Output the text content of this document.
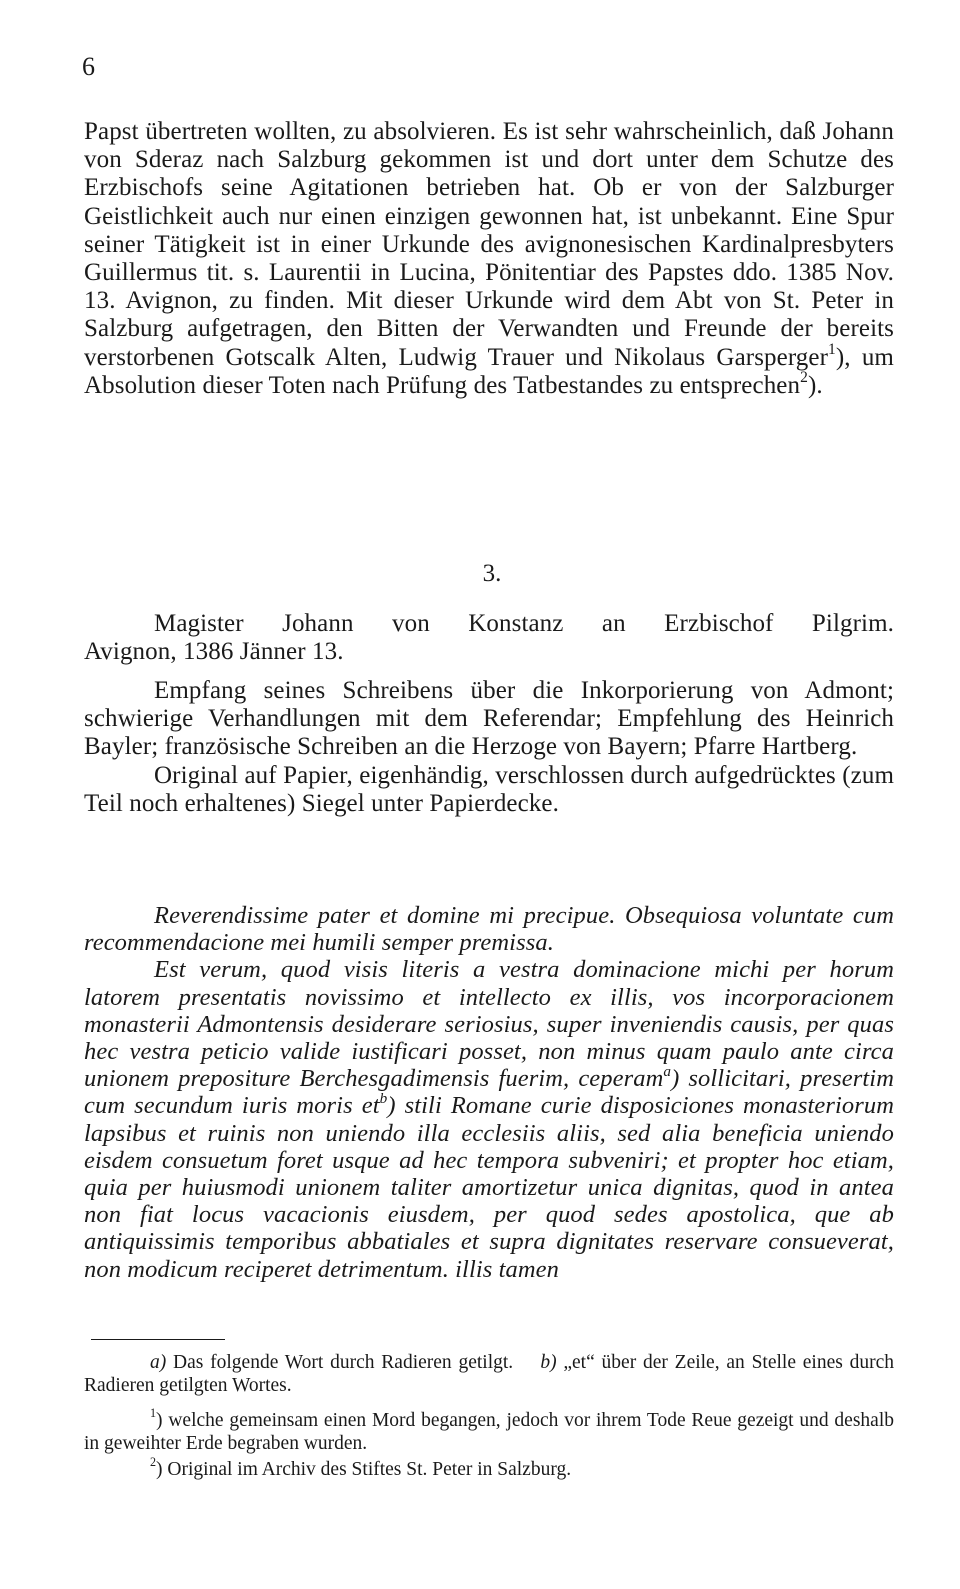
6
Papst übertreten wollten, zu absolvieren. Es ist sehr wahrscheinlich, daß Johann von Sderaz nach Salzburg gekommen ist und dort unter dem Schutze des Erzbischofs seine Agitationen betrieben hat. Ob er von der Salzburger Geistlichkeit auch nur einen einzigen gewonnen hat, ist unbekannt. Eine Spur seiner Tätigkeit ist in einer Urkunde des avignonesischen Kardinalpresbyters Guillermus tit. s. Laurentii in Lucina, Pönitentiar des Papstes ddo. 1385 Nov. 13. Avignon, zu finden. Mit dieser Urkunde wird dem Abt von St. Peter in Salzburg aufgetragen, den Bitten der Verwandten und Freunde der bereits verstorbenen Gotscalk Alten, Ludwig Trauer und Nikolaus Garsperger$^1$), um Absolution dieser Toten nach Prüfung des Tatbestandes zu entsprechen$^2$).
3.
Magister Johann von Konstanz an Erzbischof Pilgrim.
Avignon, 1386 Jänner 13.

Empfang seines Schreibens über die Inkorporierung von Admont; schwierige Verhandlungen mit dem Referendar; Empfehlung des Heinrich Bayler; französische Schreiben an die Herzoge von Bayern; Pfarre Hartberg.

Original auf Papier, eigenhändig, verschlossen durch aufgedrücktes (zum Teil noch erhaltenes) Siegel unter Papierdecke.

Reverendissime pater et domine mi precipue. Obsequiosa voluntate cum recommendacione mei humili semper premissa.

Est verum, quod visis literis a vestra dominacione michi per horum latorem presentatis novissimo et intellecto ex illis, vos incorporacionem monasterii Admontensis desiderare seriosius, super inveniendis causis, per quas hec vestra peticio valide iustificari posset, non minus quam paulo ante circa unionem prepositure Berchesgadimensis fuerim, ceperam$^a$) sollicitari, presertim cum secundum iuris moris $et^b$) stili Romane curie disposiciones monasteriorum lapsibus et ruinis non uniendo illa ecclesiis aliis, sed alia beneficia uniendo eisdem consuetum foret usque ad hec tempora subveniri; et propter hoc etiam, quia per huiusmodi unionem taliter amortizetur unica dignitas, quod in antea non fiat locus vacacionis eiusdem, per quod sedes apostolica, que ab antiquissimis temporibus abbatiales et supra dignitates reservare consueverat, non modicum reciperet detrimentum. illis tamen

a) Das folgende Wort durch Radieren getilgt. b) „et“ über der Zeile, an Stelle eines durch Radieren getilgten Wortes.

$^1$) welche gemeinsam einen Mord begangen, jedoch vor ihrem Tode Reue gezeigt und deshalb in geweihter Erde begraben wurden.

$^2$) Original im Archiv des Stiftes St. Peter in Salzburg.
